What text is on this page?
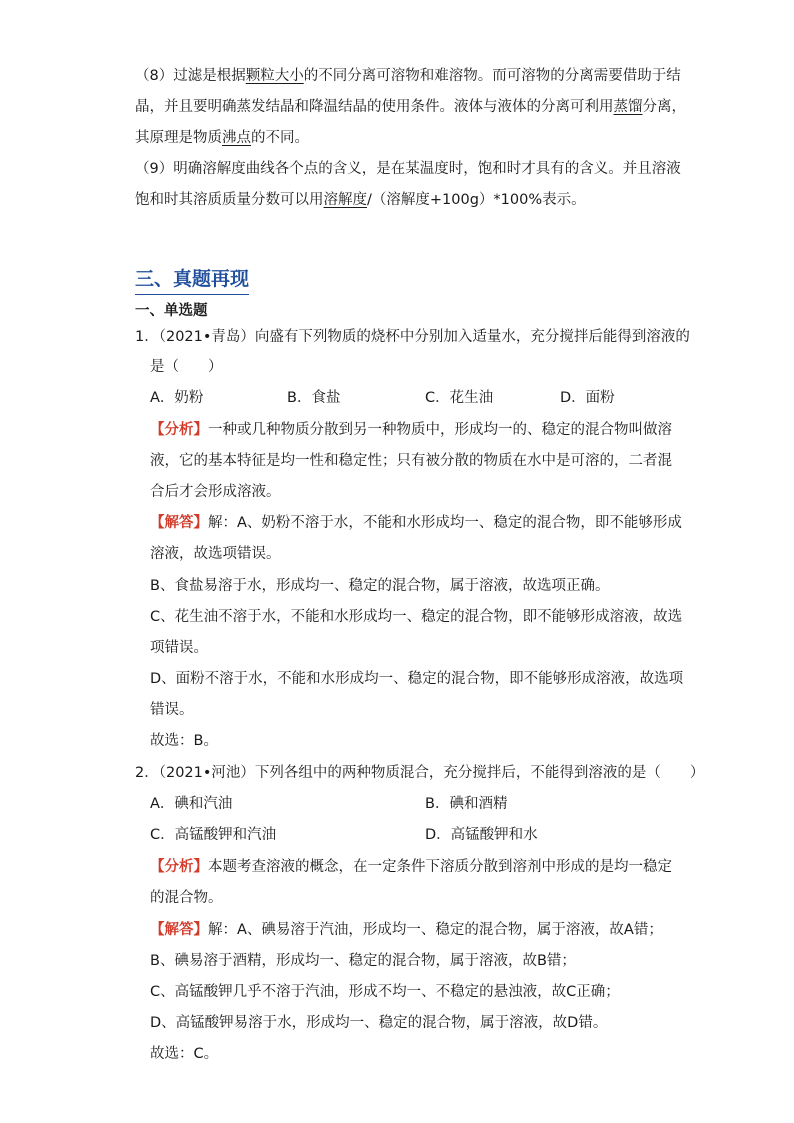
（8）过滤是根据颗粒大小的不同分离可溶物和难溶物。而可溶物的分离需要借助于结
晶，并且要明确蒸发结晶和降温结晶的使用条件。液体与液体的分离可利用蒸馏分离，
其原理是物质沸点的不同。
（9）明确溶解度曲线各个点的含义，是在某温度时，饱和时才具有的含义。并且溶液
饱和时其溶质质量分数可以用溶解度/（溶解度+100g）*100%表示。
三、真题再现
一、单选题
1．（2021•青岛）向盛有下列物质的烧杯中分别加入适量水，充分搅拌后能得到溶液的
是（　　）
A．奶粉	B．食盐	C．花生油	D．面粉
【分析】一种或几种物质分散到另一种物质中，形成均一的、稳定的混合物叫做溶
液，它的基本特征是均一性和稳定性；只有被分散的物质在水中是可溶的，二者混
合后才会形成溶液。
【解答】解：A、奶粉不溶于水，不能和水形成均一、稳定的混合物，即不能够形成
溶液，故选项错误。
B、食盐易溶于水，形成均一、稳定的混合物，属于溶液，故选项正确。
C、花生油不溶于水，不能和水形成均一、稳定的混合物，即不能够形成溶液，故选
项错误。
D、面粉不溶于水，不能和水形成均一、稳定的混合物，即不能够形成溶液，故选项
错误。
故选：B。
2．（2021•河池）下列各组中的两种物质混合，充分搅拌后，不能得到溶液的是（　　）
A．碘和汽油	B．碘和酒精
C．高锰酸钾和汽油	D．高锰酸钾和水
【分析】本题考查溶液的概念，在一定条件下溶质分散到溶剂中形成的是均一稳定
的混合物。
【解答】解：A、碘易溶于汽油，形成均一、稳定的混合物，属于溶液，故A错；
B、碘易溶于酒精，形成均一、稳定的混合物，属于溶液，故B错；
C、高锰酸钾几乎不溶于汽油，形成不均一、不稳定的悬浊液，故C正确；
D、高锰酸钾易溶于水，形成均一、稳定的混合物，属于溶液，故D错。
故选：C。
